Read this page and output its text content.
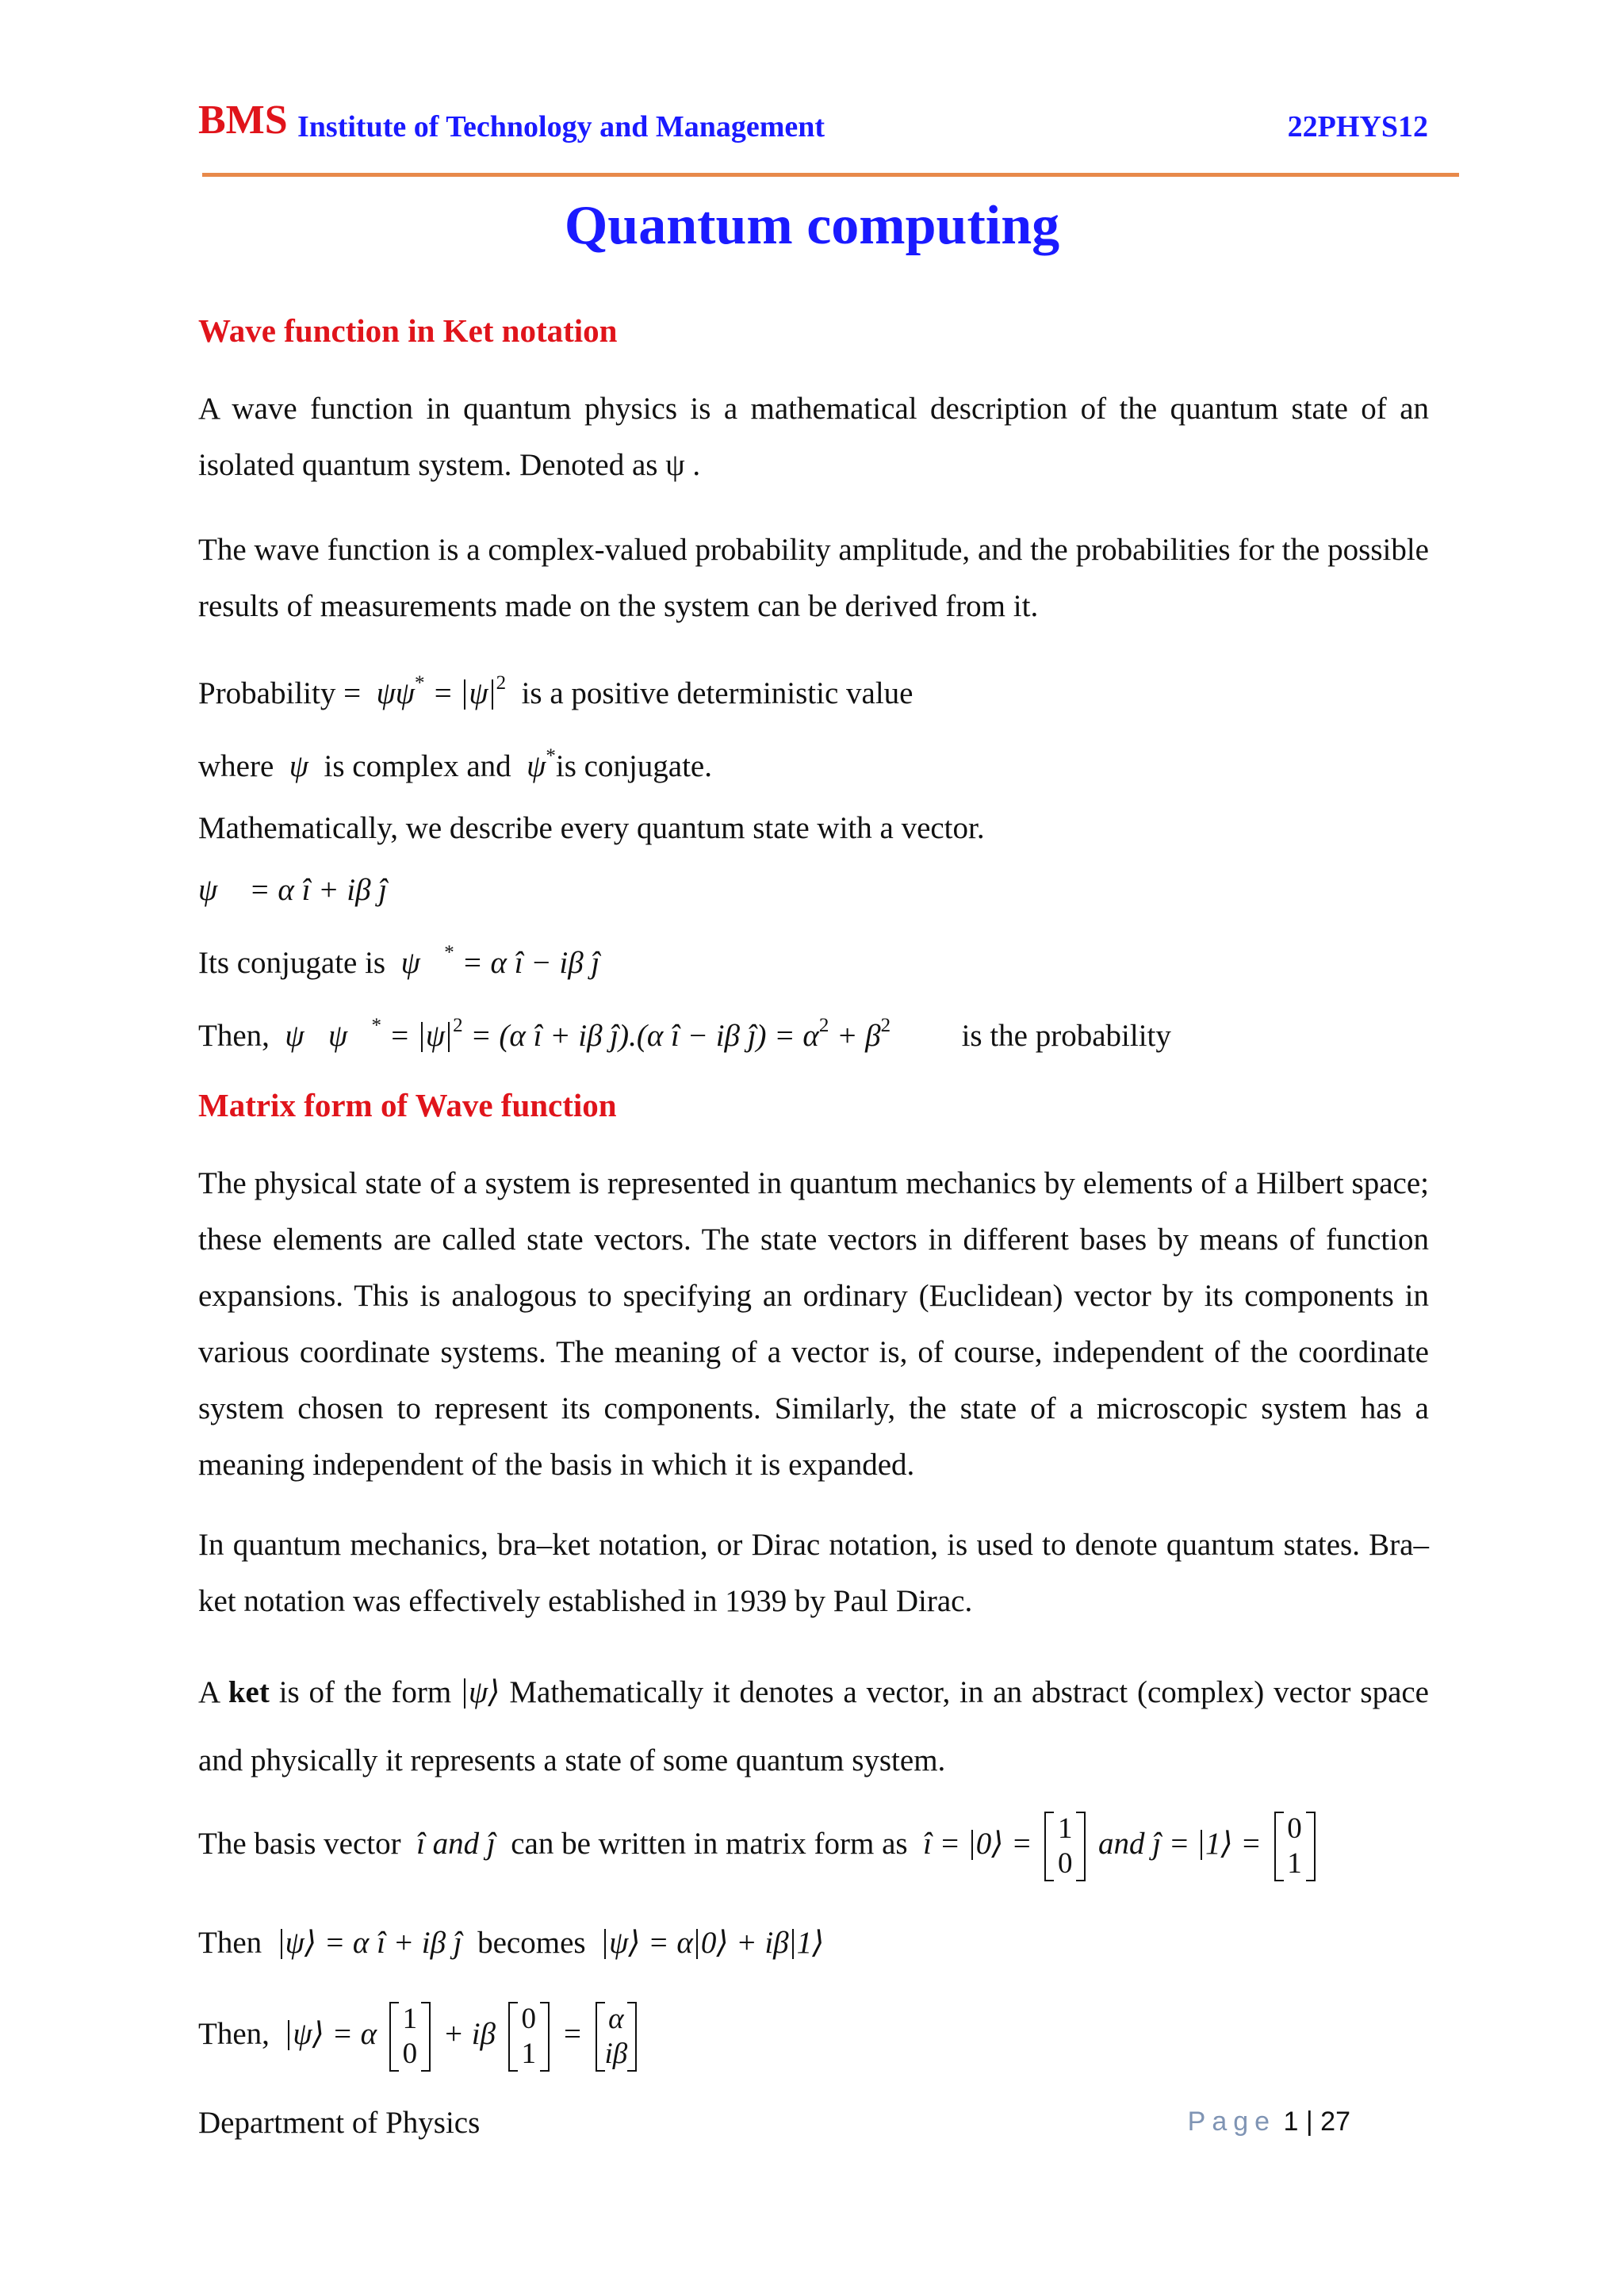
BMS Institute of Technology and Management	22PHYS12
Quantum computing
Wave function in Ket notation
A wave function in quantum physics is a mathematical description of the quantum state of an isolated quantum system. Denoted as ψ .
The wave function is a complex-valued probability amplitude, and the probabilities for the possible results of measurements made on the system can be derived from it.
Probability =  ψψ* = ψ $^2$ is a positive deterministic value
where  ψ  is complex and  ψ*is conjugate.
Mathematically, we describe every quantum state with a vector.
ψ⃗ = α î + iβ ĵ
Its conjugate is  ψ⃗* = α î − iβ ĵ
Then,  ψ⃗ψ⃗* = ψ $^2$ = (α î + iβ ĵ).(α î − iβ ĵ) = $\alpha^2 + \beta^2$ is the probability
Matrix form of Wave function
The physical state of a system is represented in quantum mechanics by elements of a Hilbert space; these elements are called state vectors. The state vectors in different bases by means of function expansions. This is analogous to specifying an ordinary (Euclidean) vector by its components in various coordinate systems. The meaning of a vector is, of course, independent of the coordinate system chosen to represent its components. Similarly, the state of a microscopic system has a meaning independent of the basis in which it is expanded.
In quantum mechanics, bra–ket notation, or Dirac notation, is used to denote quantum states. Bra–ket notation was effectively established in 1939 by Paul Dirac.
A ket is of the form ψ⟩ Mathematically it denotes a vector, in an abstract (complex) vector space and physically it represents a state of some quantum system.
The basis vector  î and ĵ  can be written in matrix form as  î = 0⟩ = 1
0
and ĵ = 1⟩ = 0
1
Then ψ⟩ = α î + iβ ĵ  becomes ψ⟩ = α 0⟩ + iβ 1⟩
Then, ψ⟩ = α 1
0
+ iβ 0
1
= α
iβ
Department of Physics	Page 1 | 27
